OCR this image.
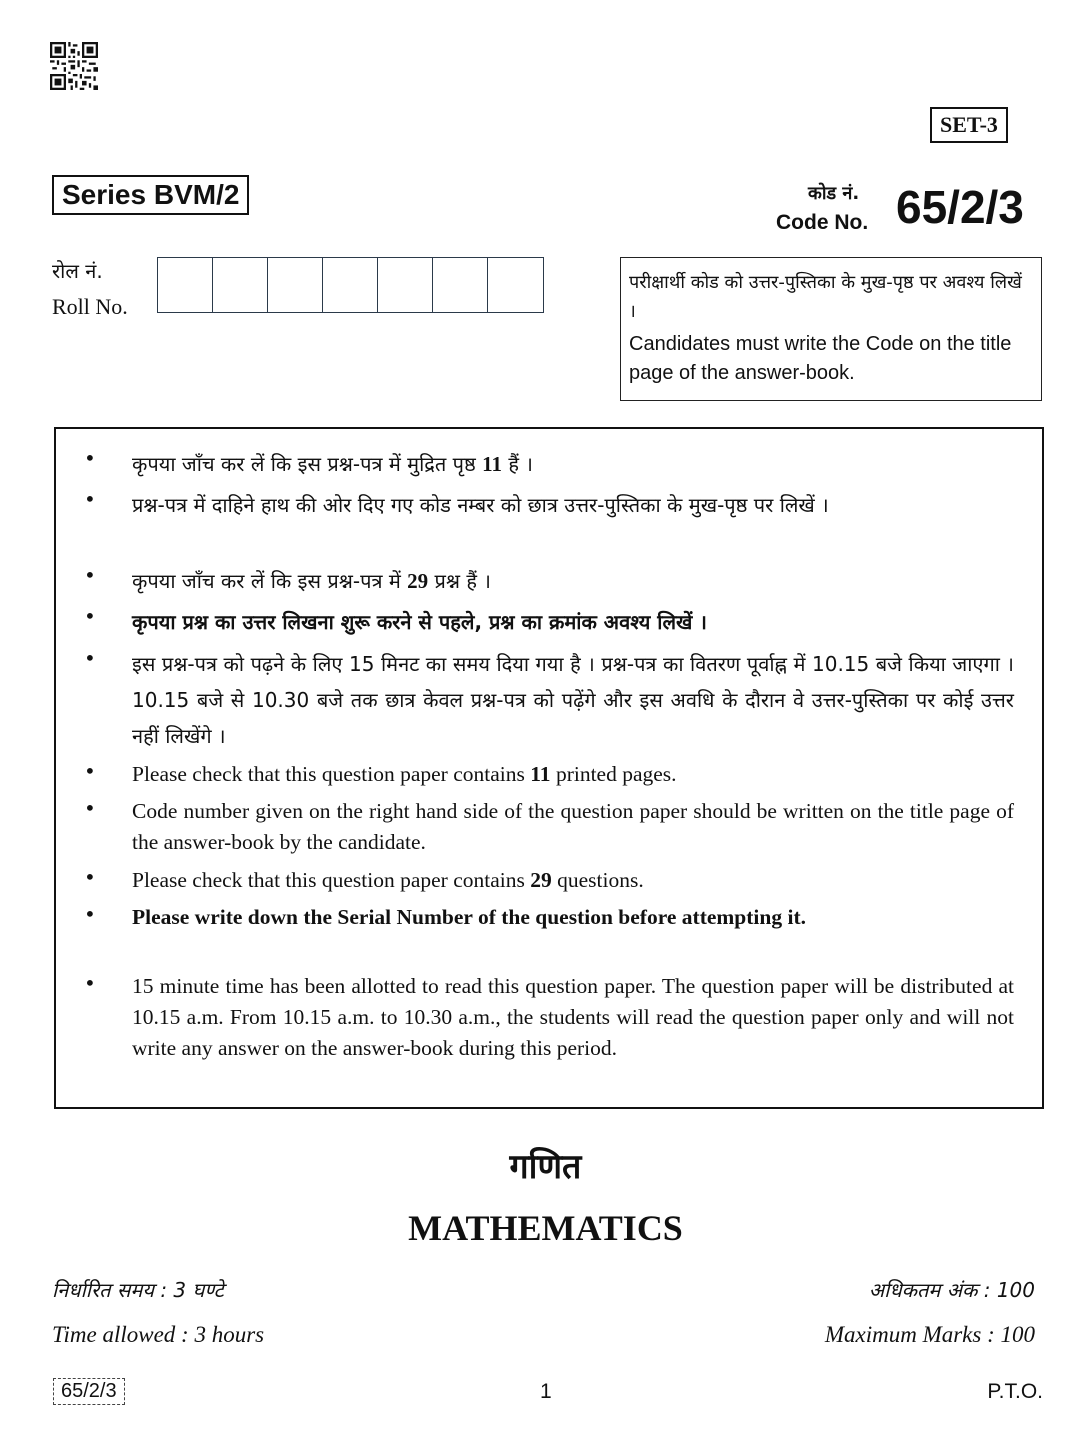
SET-3
Series BVM/2	कोड नं.
Code No. 65/2/3
रोल नं.
Roll No.
परीक्षार्थी कोड को उत्तर-पुस्तिका के मुख-पृष्ठ पर अवश्य लिखें ।
Candidates must write the Code on the title page of the answer-book.
• कृपया जाँच कर लें कि इस प्रश्न-पत्र में मुद्रित पृष्ठ 11 हैं ।
• प्रश्न-पत्र में दाहिने हाथ की ओर दिए गए कोड नम्बर को छात्र उत्तर-पुस्तिका के मुख-पृष्ठ पर लिखें ।
• कृपया जाँच कर लें कि इस प्रश्न-पत्र में 29 प्रश्न हैं ।
• कृपया प्रश्न का उत्तर लिखना शुरू करने से पहले, प्रश्न का क्रमांक अवश्य लिखें ।
• इस प्रश्न-पत्र को पढ़ने के लिए 15 मिनट का समय दिया गया है । प्रश्न-पत्र का वितरण पूर्वाह्न में 10.15 बजे किया जाएगा । 10.15 बजे से 10.30 बजे तक छात्र केवल प्रश्न-पत्र को पढ़ेंगे और इस अवधि के दौरान वे उत्तर-पुस्तिका पर कोई उत्तर नहीं लिखेंगे ।
• Please check that this question paper contains 11 printed pages.
• Code number given on the right hand side of the question paper should be written on the title page of the answer-book by the candidate.
• Please check that this question paper contains 29 questions.
• Please write down the Serial Number of the question before attempting it.
• 15 minute time has been allotted to read this question paper. The question paper will be distributed at 10.15 a.m. From 10.15 a.m. to 10.30 a.m., the students will read the question paper only and will not write any answer on the answer-book during this period.
गणित
MATHEMATICS
निर्धारित समय : 3 घण्टे	अधिकतम अंक : 100
Time allowed : 3 hours	Maximum Marks : 100
65/2/3	1	P.T.O.
